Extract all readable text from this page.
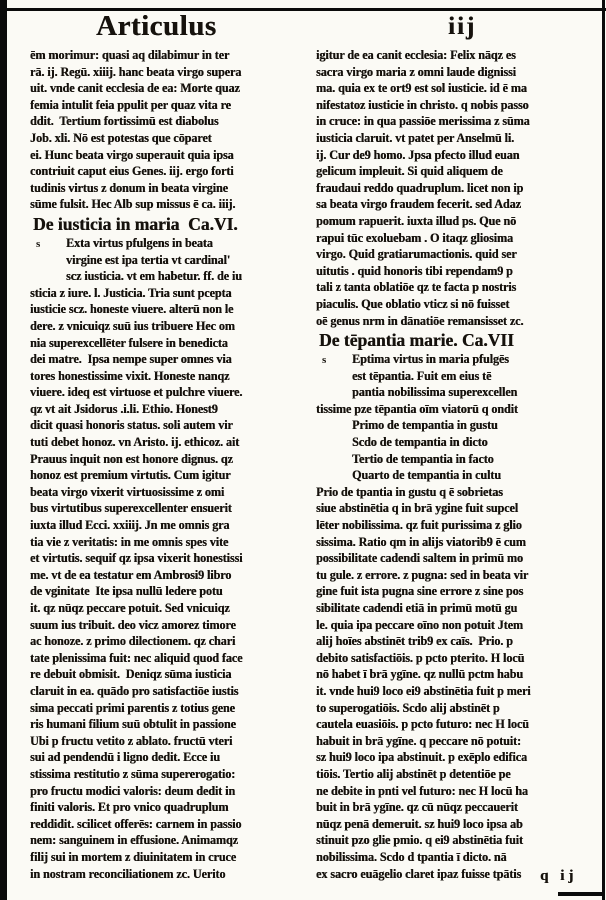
Articulus	iij
ēm morimur: quasi aq dilabimur in ter
rā. ij. Regū. xiiij. hanc beata virgo supera
uit. vnde canit ecclesia de ea: Morte quaz
femia intulit feia ppulit per quaz vita re
ddit.  Tertium fortissimū est diabolus
Job. xli. Nō est potestas que cōparet
ei. Hunc beata virgo superauit quia ipsa
contriuit caput eius Genes. iij. ergo forti
tudinis virtus z donum in beata virgine
sūme fulsit. Hec Alb sup missus ē ca. iiij.
De iusticia in maria  Ca.VI.
s	Exta virtus pfulgens in beata
virgine est ipa tertia vt cardinal'
scz iusticia. vt em habetur. ff. de iu
sticia z iure. l. Justicia. Tria sunt pcepta
iusticie scz. honeste viuere. alterū non le
dere. z vnicuiqz suū ius tribuere Hec om
nia superexcellēter fulsere in benedicta
dei matre.  Ipsa nempe super omnes via
tores honestissime vixit. Honeste nanqz
viuere. ideq est virtuose et pulchre viuere.
qz vt ait Jsidorus .i.li. Ethio. Honest9
dicit quasi honoris status. soli autem vir
tuti debet honoz. vn Aristo. ij. ethicoz. ait
Prauus inquit non est honore dignus. qz
honoz est premium virtutis. Cum igitur
beata virgo vixerit virtuosissime z omi
bus virtutibus superexcellenter ensuerit
iuxta illud Ecci. xxiiij. Jn me omnis gra
tia vie z veritatis: in me omnis spes vite
et virtutis. sequif qz ipsa vixerit honestissi
me. vt de ea testatur em Ambrosi9 libro
de vginitate  Ite ipsa nullū ledere potu
it. qz nūqz peccare potuit. Sed vnicuiqz
suum ius tribuit. deo vicz amorez timore
ac honoze. z primo dilectionem. qz chari
tate plenissima fuit: nec aliquid quod face
re debuit obmisit.  Deniqz sūma iusticia
claruit in ea. quādo pro satisfactiōe iustis
sima peccati primi parentis z totius gene
ris humani filium suū obtulit in passione
Ubi p fructu vetito z ablato. fructū vteri
sui ad pendendū i ligno dedit. Ecce iu
stissima restitutio z sūma supererogatio:
pro fructu modici valoris: deum dedit in
finiti valoris. Et pro vnico quadruplum
reddidit. scilicet offerēs: carnem in passio
nem: sanguinem in effusione. Animamqz
filij sui in mortem z diuinitatem in cruce
in nostram reconciliationem zc. Uerito
igitur de ea canit ecclesia: Felix nāqz es
sacra virgo maria z omni laude dignissi
ma. quia ex te ort9 est sol iusticie. id ē ma
nifestatoz iusticie in christo. q nobis passo
in cruce: in qua passiōe merissima z sūma
iusticia claruit. vt patet per Anselmū li.
ij. Cur de9 homo. Jpsa pfecto illud euan
gelicum impleuit. Si quid aliquem de
fraudaui reddo quadruplum. licet non ip
sa beata virgo fraudem fecerit. sed Adaz
pomum rapuerit. iuxta illud ps. Que nō
rapui tūc exoluebam . O itaqz gliosima
virgo. Quid gratiarumactionis. quid ser
uitutis . quid honoris tibi rependam9 p
tali z tanta oblatiōe qz te facta p nostris
piaculis. Que oblatio vticz si nō fuisset
oē genus nrm in dānatiōe remansisset zc.
De tēpantia marie. Ca.VII
s	Eptima virtus in maria pfulgēs
est tēpantia. Fuit em eius tē
pantia nobilissima superexcellen
tissime pze tēpantia oīm viatorū q ondit
Primo de tempantia in gustu
Scdo de tempantia in dicto
Tertio de tempantia in facto
Quarto de tempantia in cultu
Prio de tpantia in gustu q ē sobrietas
siue abstinētia q in brā ygine fuit supcel
lēter nobilissima. qz fuit purissima z glio
sissima. Ratio qm in alijs viatorib9 ē cum
possibilitate cadendi saltem in primū mo
tu gule. z errore. z pugna: sed in beata vir
gine fuit ista pugna sine errore z sine pos
sibilitate cadendi etiā in primū motū gu
le. quia ipa peccare oīno non potuit Jtem
alij hoīes abstinēt trib9 ex caīs.  Prio. p
debito satisfactiōis. p pcto pterito. H locū
nō habet ī brā ygīne. qz nullū pctm habu
it. vnde hui9 loco ei9 abstinētia fuit p meri
to superogatiōis. Scdo alij abstinēt p
cautela euasiōis. p pcto futuro: nec H locū
habuit in brā ygīne. q peccare nō potuit:
sz hui9 loco ipa abstinuit. p exēplo edifica
tiōis. Tertio alij abstinēt p detentiōe pe
ne debite in pnti vel futuro: nec H locū ha
buit in brā ygīne. qz cū nūqz peccauerit
nūqz penā demeruit. sz hui9 loco ipsa ab
stinuit pzo glie pmio. q ei9 abstinētia fuit
nobilissima. Scdo d tpantia ī dicto. nā
ex sacro euāgelio claret ipaz fuisse tpātis	q ij
